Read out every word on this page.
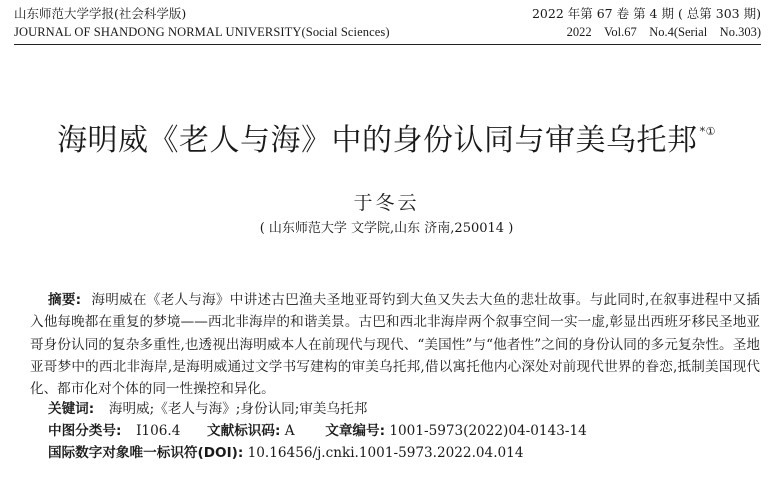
山东师范大学学报(社会科学版)	2022 年第 67 卷 第 4 期 ( 总第 303 期)
JOURNAL OF SHANDONG NORMAL UNIVERSITY(Social Sciences)	2022    Vol.67    No.4(Serial    No.303)
海明威《老人与海》中的身份认同与审美乌托邦 *①
于冬云
( 山东师范大学 文学院,山东 济南,250014 )
摘要: 海明威在《老人与海》中讲述古巴渔夫圣地亚哥钓到大鱼又失去大鱼的悲壮故事。与此同时,在叙事进程中又插入他每晚都在重复的梦境——西北非海岸的和谐美景。古巴和西北非海岸两个叙事空间一实一虚,彰显出西班牙移民圣地亚哥身份认同的复杂多重性,也透视出海明威本人在前现代与现代、“美国性”与“他者性”之间的身份认同的多元复杂性。圣地亚哥梦中的西北非海岸,是海明威通过文学书写建构的审美乌托邦,借以寓托他内心深处对前现代世界的眷恋,抵制美国现代化、都市化对个体的同一性操控和异化。
关键词: 海明威;《老人与海》;身份认同;审美乌托邦
中图分类号: I106.4 文献标识码: A 文章编号: 1001-5973(2022)04-0143-14
国际数字对象唯一标识符(DOI): 10.16456/j.cnki.1001-5973.2022.04.014
